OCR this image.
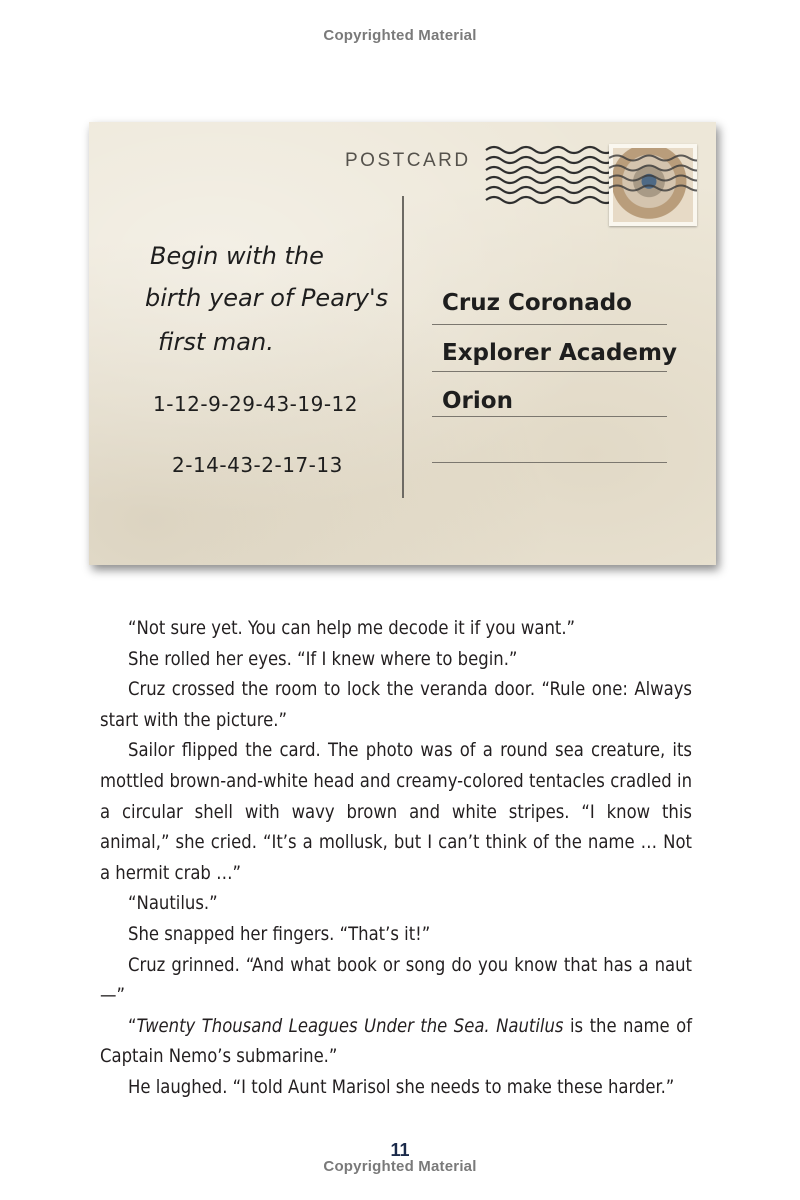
Copyrighted Material
POSTCARD
Begin with the
birth year of Peary's
first man.
1-12-9-29-43-19-12
2-14-43-2-17-13
Cruz Coronado
Explorer Academy
Orion

“Not sure yet. You can help me decode it if you want.”

She rolled her eyes. “If I knew where to begin.”

Cruz crossed the room to lock the veranda door. “Rule one: Always start with the picture.”

Sailor flipped the card. The photo was of a round sea creature, its mottled brown-and-white head and creamy-colored tentacles cradled in a circular shell with wavy brown and white stripes. “I know this animal,” she cried. “It’s a mollusk, but I can’t think of the name … Not a hermit crab …”

“Nautilus.”

She snapped her fingers. “That’s it!”

Cruz grinned. “And what book or song do you know that has a naut—”

“Twenty Thousand Leagues Under the Sea. Nautilus is the name of Captain Nemo’s submarine.”

He laughed. “I told Aunt Marisol she needs to make these harder.”

11
Copyrighted Material
